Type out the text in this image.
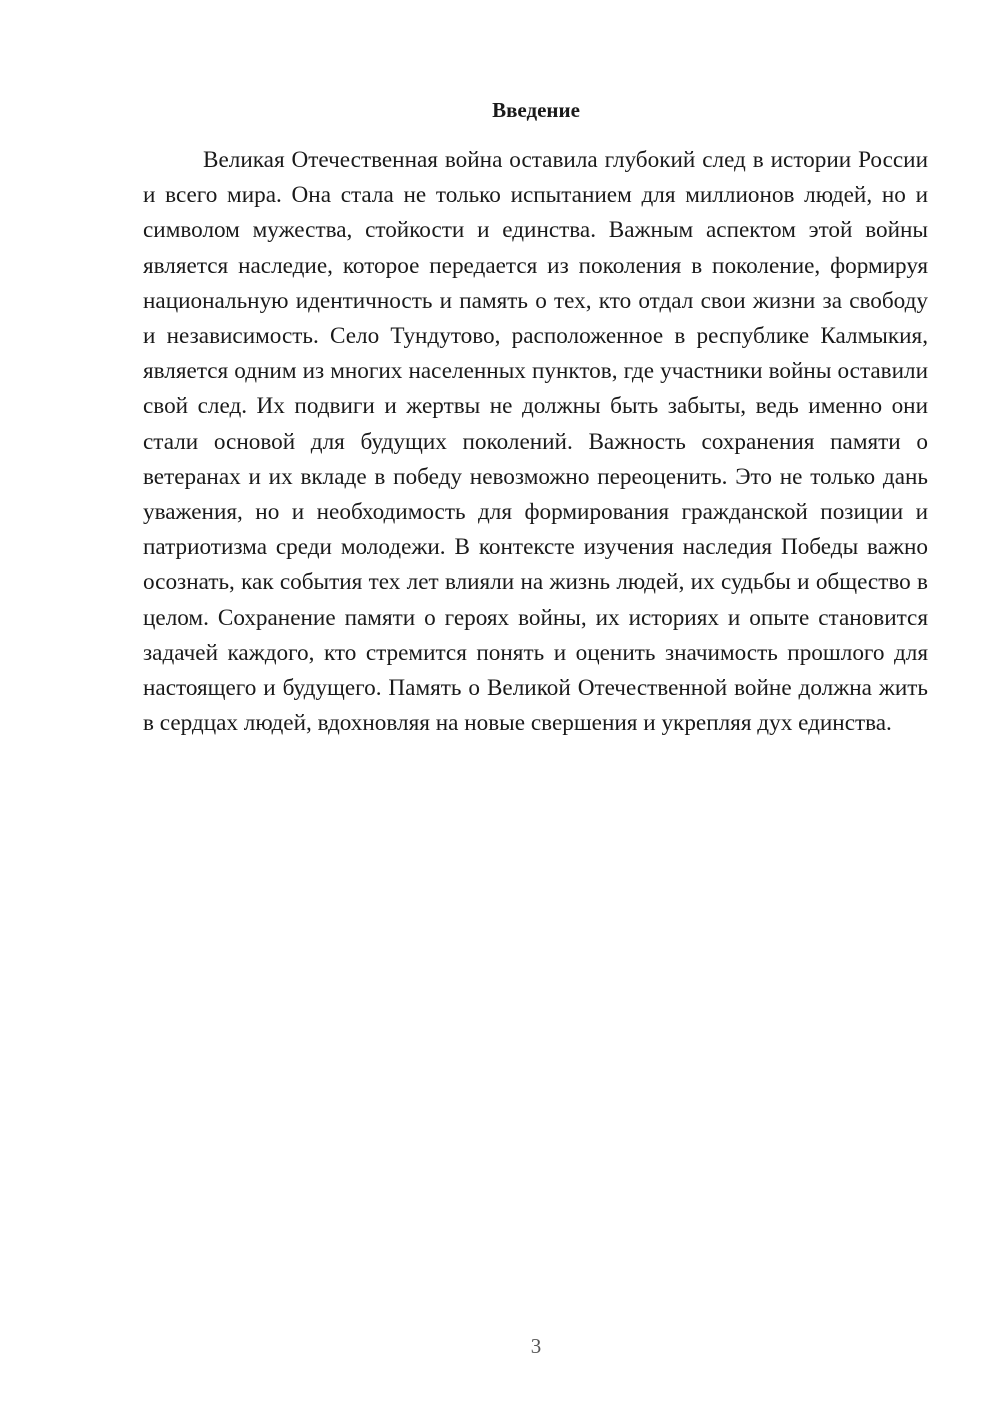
Введение

Великая Отечественная война оставила глубокий след в истории России и всего мира. Она стала не только испытанием для миллионов людей, но и символом мужества, стойкости и единства. Важным аспектом этой войны является наследие, которое передается из поколения в поколение, формируя национальную идентичность и память о тех, кто отдал свои жизни за свободу и независимость. Село Тундутово, расположенное в республике Калмыкия, является одним из многих населенных пунктов, где участники войны оставили свой след. Их подвиги и жертвы не должны быть забыты, ведь именно они стали основой для будущих поколений. Важность сохранения памяти о ветеранах и их вкладе в победу невозможно переоценить. Это не только дань уважения, но и необходимость для формирования гражданской позиции и патриотизма среди молодежи. В контексте изучения наследия Победы важно осознать, как события тех лет влияли на жизнь людей, их судьбы и общество в целом. Сохранение памяти о героях войны, их историях и опыте становится задачей каждого, кто стремится понять и оценить значимость прошлого для настоящего и будущего. Память о Великой Отечественной войне должна жить в сердцах людей, вдохновляя на новые свершения и укрепляя дух единства.

3
